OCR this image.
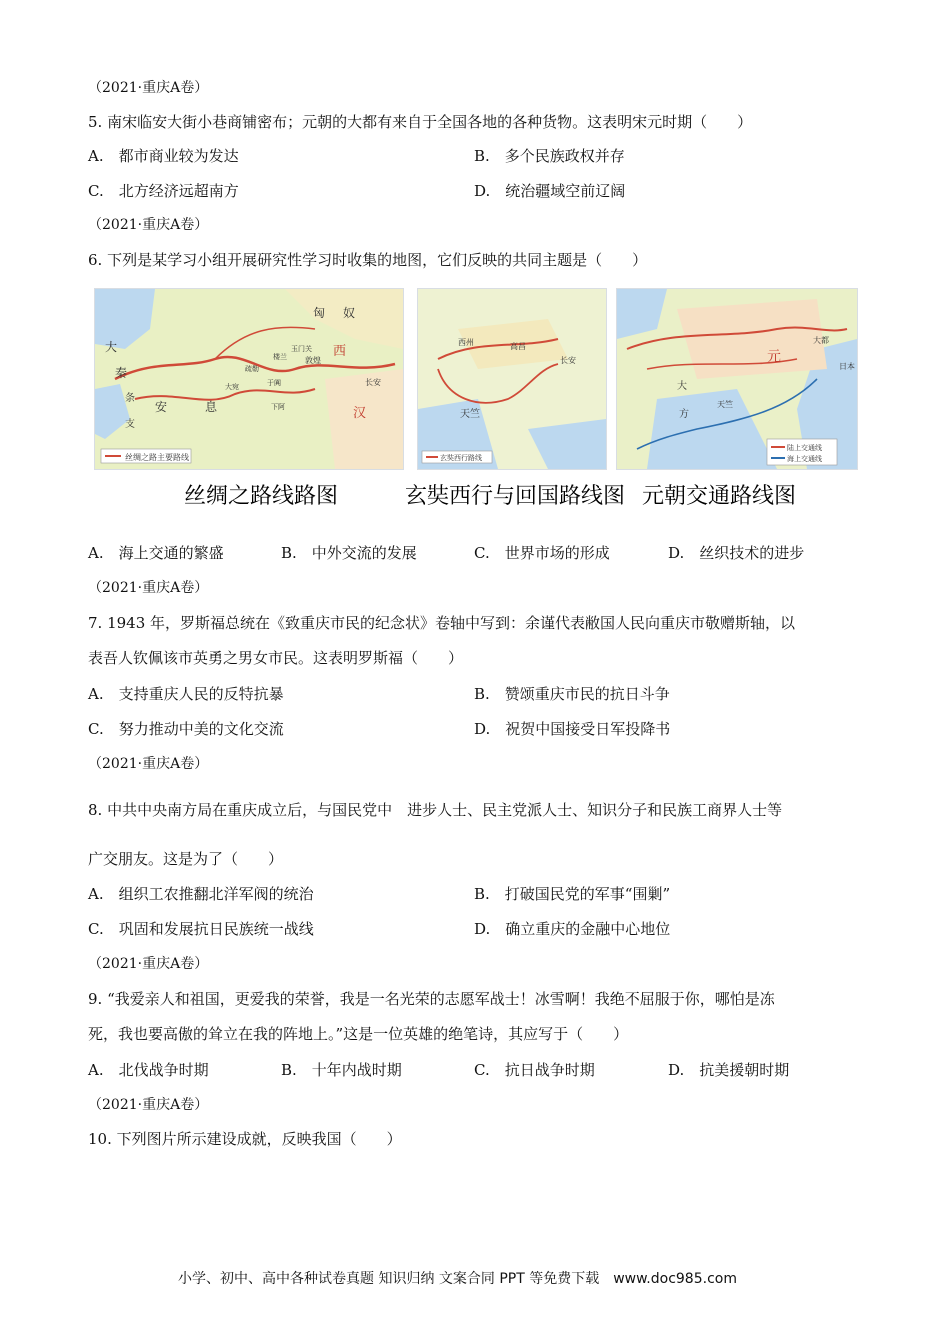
（2021·重庆A卷）
5. 南宋临安大街小巷商铺密布；元朝的大都有来自于全国各地的各种货物。这表明宋元时期（　　）
A.　都市商业较为发达	B.　多个民族政权并存
C.　北方经济远超南方	D.　统治疆域空前辽阔
（2021·重庆A卷）
6. 下列是某学习小组开展研究性学习时收集的地图，它们反映的共同主题是（　　）
丝绸之路主要路线
匈 奴
西
汉
大
秦
安	息
长安
敦煌
玉门关
楼兰
于阗
疏勒
大宛
条
支
下阿
玄奘西行路线
长安
西州	高昌
天竺
陆上交通线
海上交通线
元
大都
日本
天竺
大
方
丝绸之路线路图	玄奘西行与回国路线图 元朝交通路线图
A.　海上交通的繁盛	B.　中外交流的发展	C.　世界市场的形成	D.　丝织技术的进步
（2021·重庆A卷）
7. 1943 年，罗斯福总统在《致重庆市民的纪念状》卷轴中写到：余谨代表敝国人民向重庆市敬赠斯轴，以
表吾人钦佩该市英勇之男女市民。这表明罗斯福（　　）
A.　支持重庆人民的反特抗暴	B.　赞颂重庆市民的抗日斗争
C.　努力推动中美的文化交流	D.　祝贺中国接受日军投降书
（2021·重庆A卷）
8. 中共中央南方局在重庆成立后，与国民党中　进步人士、民主党派人士、知识分子和民族工商界人士等
广交朋友。这是为了（　　）
A.　组织工农推翻北洋军阀的统治	B.　打破国民党的军事“围剿”
C.　巩固和发展抗日民族统一战线	D.　确立重庆的金融中心地位
（2021·重庆A卷）
9. “我爱亲人和祖国，更爱我的荣誉，我是一名光荣的志愿军战士！冰雪啊！我绝不屈服于你，哪怕是冻
死，我也要高傲的耸立在我的阵地上。”这是一位英雄的绝笔诗，其应写于（　　）
A.　北伐战争时期	B.　十年内战时期	C.　抗日战争时期	D.　抗美援朝时期
（2021·重庆A卷）
10. 下列图片所示建设成就，反映我国（　　）
小学、初中、高中各种试卷真题 知识归纳 文案合同 PPT 等免费下载　www.doc985.com
